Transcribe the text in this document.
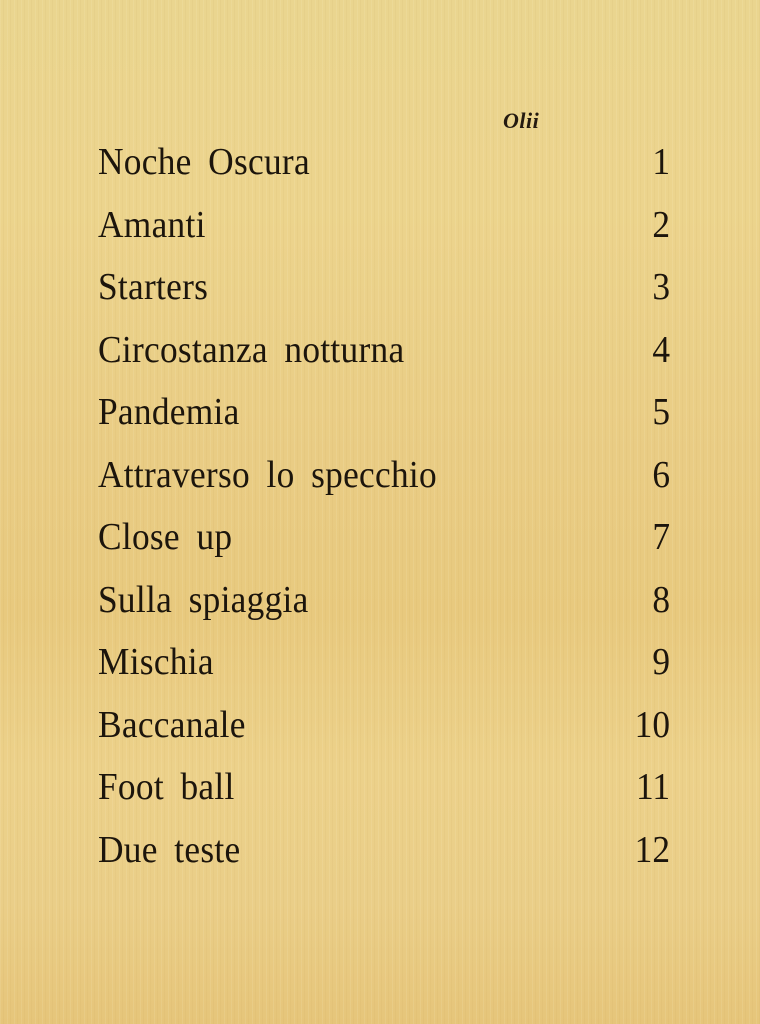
Olii
Noche Oscura	1
Amanti	2
Starters	3
Circostanza notturna	4
Pandemia	5
Attraverso lo specchio	6
Close up	7
Sulla spiaggia	8
Mischia	9
Baccanale	10
Foot ball	11
Due teste	12
